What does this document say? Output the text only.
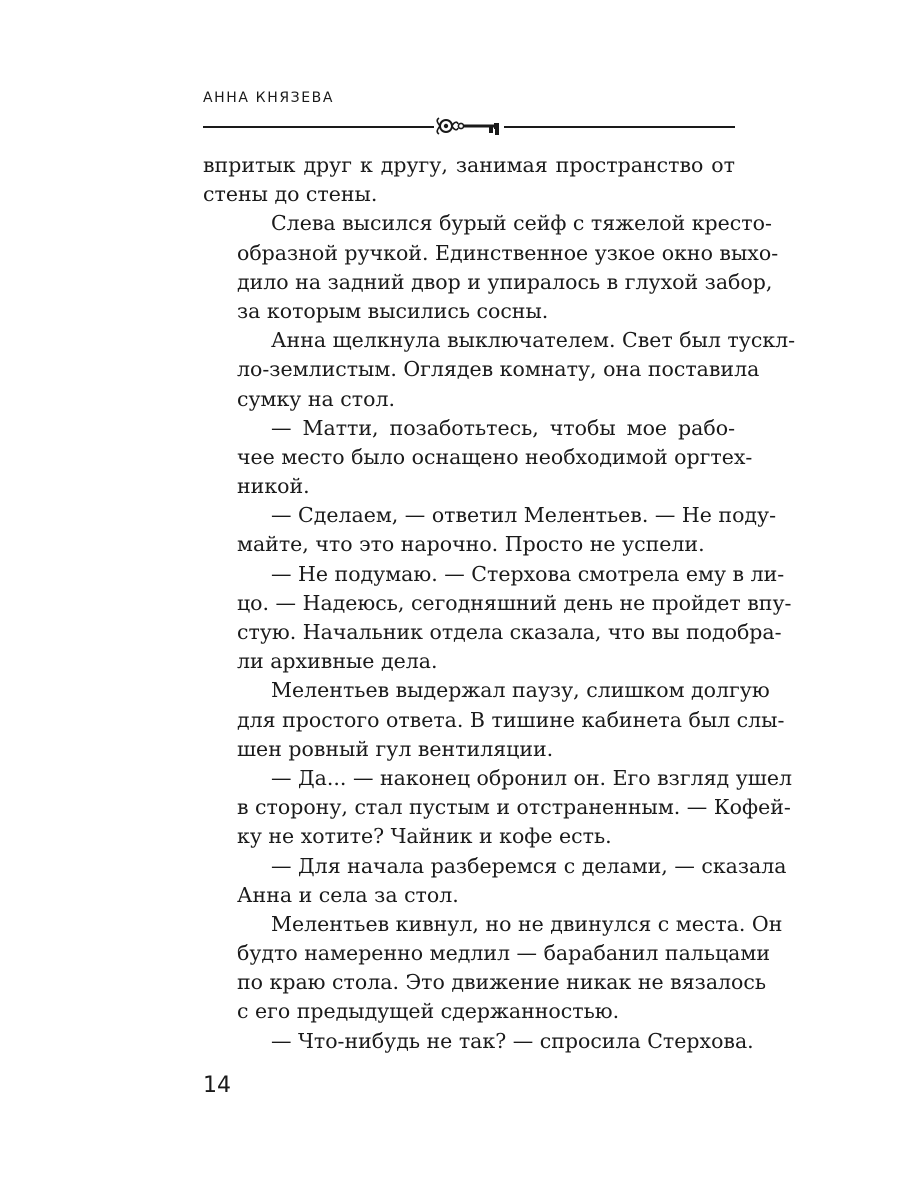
АННА КНЯЗЕВА
впритык друг к другу, занимая пространство от
стены до стены.
Слева высился бурый сейф с тяжелой кресто-
образной ручкой. Единственное узкое окно выхо-
дило на задний двор и упиралось в глухой забор,
за которым высились сосны.
Анна щелкнула выключателем. Свет был тускл-
ло-землистым. Оглядев комнату, она поставила
сумку на стол.
— Матти, позаботьтесь, чтобы мое рабо-
чее место было оснащено необходимой оргтех-
никой.
— Сделаем, — ответил Мелентьев. — Не поду-
майте, что это нарочно. Просто не успели.
— Не подумаю. — Стерхова смотрела ему в ли-
цо. — Надеюсь, сегодняшний день не пройдет впу-
стую. Начальник отдела сказала, что вы подобра-
ли архивные дела.
Мелентьев выдержал паузу, слишком долгую
для простого ответа. В тишине кабинета был слы-
шен ровный гул вентиляции.
— Да... — наконец обронил он. Его взгляд ушел
в сторону, стал пустым и отстраненным. — Кофей-
ку не хотите? Чайник и кофе есть.
— Для начала разберемся с делами, — сказала
Анна и села за стол.
Мелентьев кивнул, но не двинулся с места. Он
будто намеренно медлил — барабанил пальцами
по краю стола. Это движение никак не вязалось
с его предыдущей сдержанностью.
— Что-нибудь не так? — спросила Стерхова.
14
